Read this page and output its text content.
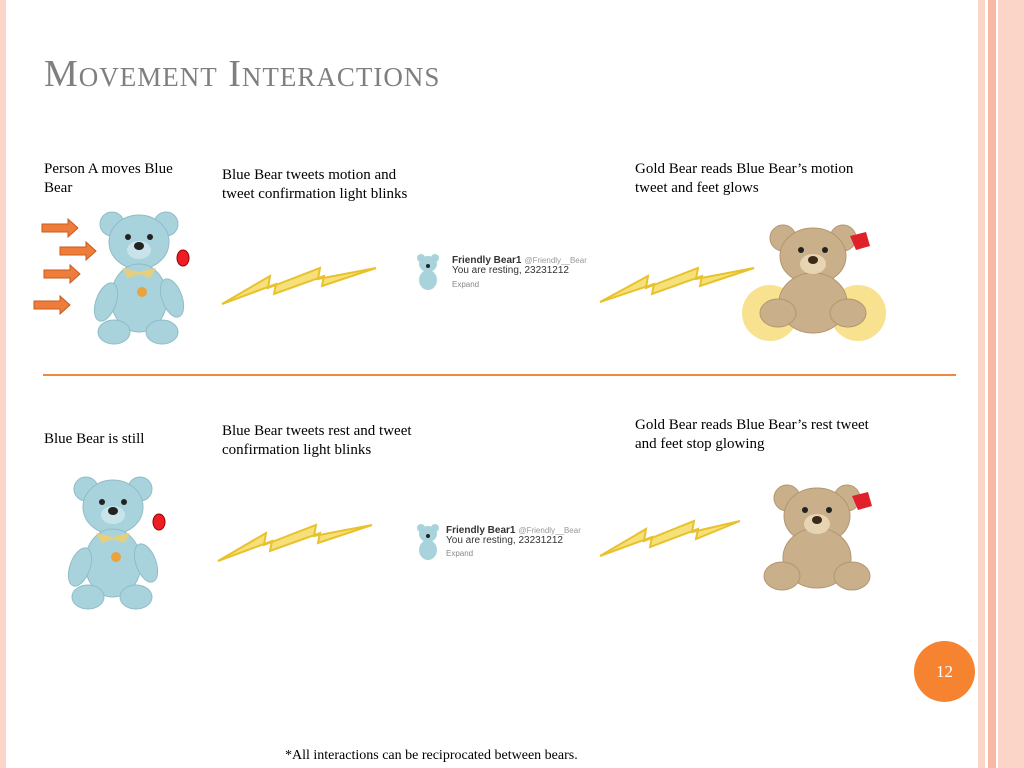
Movement Interactions
Person A moves Blue Bear
Blue Bear tweets motion and tweet confirmation light blinks
Gold Bear reads Blue Bear’s motion tweet and feet glows
Friendly Bear1 @Friendly__Bear
You are resting, 23231212
Expand
Blue Bear is still	Blue Bear tweets rest and tweet confirmation light blinks
Gold Bear reads Blue Bear’s rest tweet and feet stop glowing
Friendly Bear1 @Friendly__Bear
You are resting, 23231212
Expand
12
*All interactions can be reciprocated between bears.
